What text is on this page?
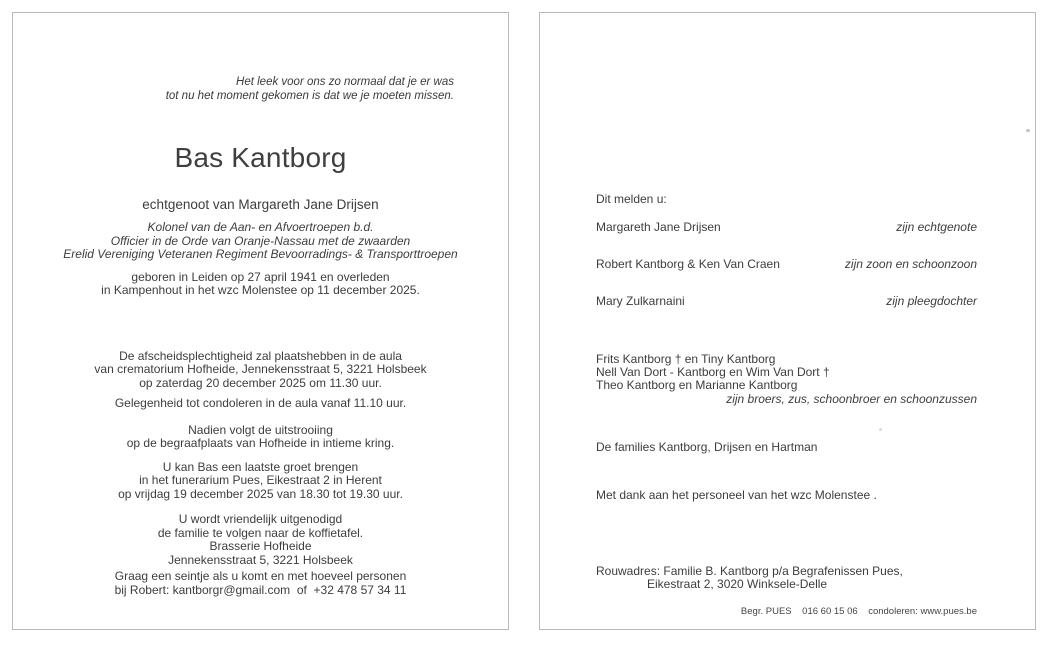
Het leek voor ons zo normaal dat je er was
tot nu het moment gekomen is dat we je moeten missen.
Bas Kantborg
echtgenoot van Margareth Jane Drijsen
Kolonel van de Aan- en Afvoertroepen b.d.
Officier in de Orde van Oranje-Nassau met de zwaarden
Erelid Vereniging Veteranen Regiment Bevoorradings- & Transporttroepen
geboren in Leiden op 27 april 1941 en overleden
in Kampenhout in het wzc Molenstee op 11 december 2025.
De afscheidsplechtigheid zal plaatshebben in de aula
van crematorium Hofheide, Jennekensstraat 5, 3221 Holsbeek
op zaterdag 20 december 2025 om 11.30 uur.
Gelegenheid tot condoleren in de aula vanaf 11.10 uur.
Nadien volgt de uitstrooiing
op de begraafplaats van Hofheide in intieme kring.
U kan Bas een laatste groet brengen
in het funerarium Pues, Eikestraat 2 in Herent
op vrijdag 19 december 2025 van 18.30 tot 19.30 uur.
U wordt vriendelijk uitgenodigd
de familie te volgen naar de koffietafel.
Brasserie Hofheide
Jennekensstraat 5, 3221 Holsbeek
Graag een seintje als u komt en met hoeveel personen
bij Robert: kantborgr@gmail.com  of  +32 478 57 34 11
Dit melden u:
Margareth Jane Drijsen	zijn echtgenote
Robert Kantborg & Ken Van Craen	zijn zoon en schoonzoon
Mary Zulkarnaini	zijn pleegdochter
Frits Kantborg † en Tiny Kantborg
Nell Van Dort - Kantborg en Wim Van Dort †
Theo Kantborg en Marianne Kantborg
zijn broers, zus, schoonbroer en schoonzussen
De families Kantborg, Drijsen en Hartman
Met dank aan het personeel van het wzc Molenstee .
Rouwadres: Familie B. Kantborg p/a Begrafenissen Pues,
Eikestraat 2, 3020 Winksele-Delle
Begr. PUES    016 60 15 06    condoleren: www.pues.be
